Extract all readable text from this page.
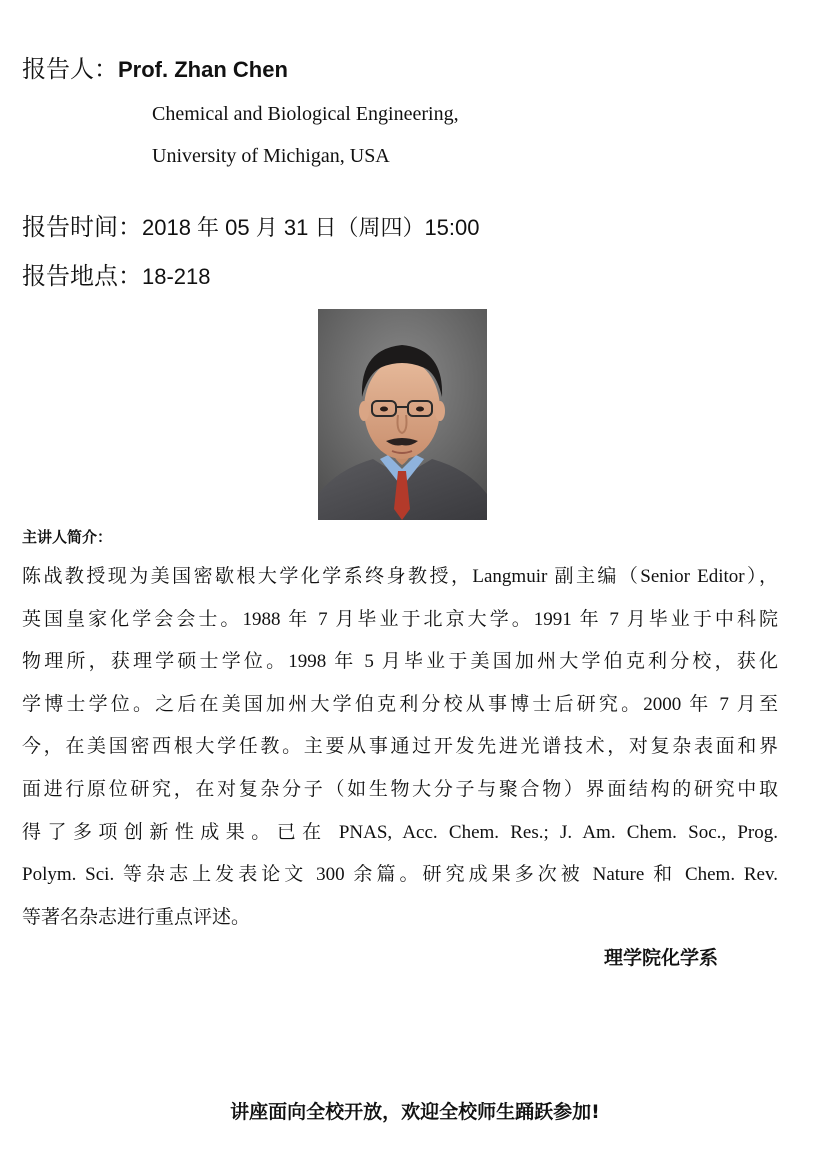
报告人：Prof. Zhan Chen
Chemical and Biological Engineering,
University of Michigan, USA
报告时间：2018 年 05 月 31 日（周四）15:00
报告地点：18-218
主讲人简介：
陈战教授现为美国密歇根大学化学系终身教授，Langmuir 副主编（Senior Editor），
英国皇家化学会会士。1988 年 7 月毕业于北京大学。1991 年 7 月毕业于中科院
物理所，获理学硕士学位。1998 年 5 月毕业于美国加州大学伯克利分校，获化
学博士学位。之后在美国加州大学伯克利分校从事博士后研究。2000 年 7 月至
今，在美国密西根大学任教。主要从事通过开发先进光谱技术，对复杂表面和界
面进行原位研究，在对复杂分子（如生物大分子与聚合物）界面结构的研究中取
得了多项创新性成果。已在 PNAS, Acc. Chem. Res.; J. Am. Chem. Soc., Prog.
Polym. Sci. 等杂志上发表论文 300 余篇。研究成果多次被 Nature 和 Chem. Rev.
等著名杂志进行重点评述。
理学院化学系
讲座面向全校开放，欢迎全校师生踊跃参加!
